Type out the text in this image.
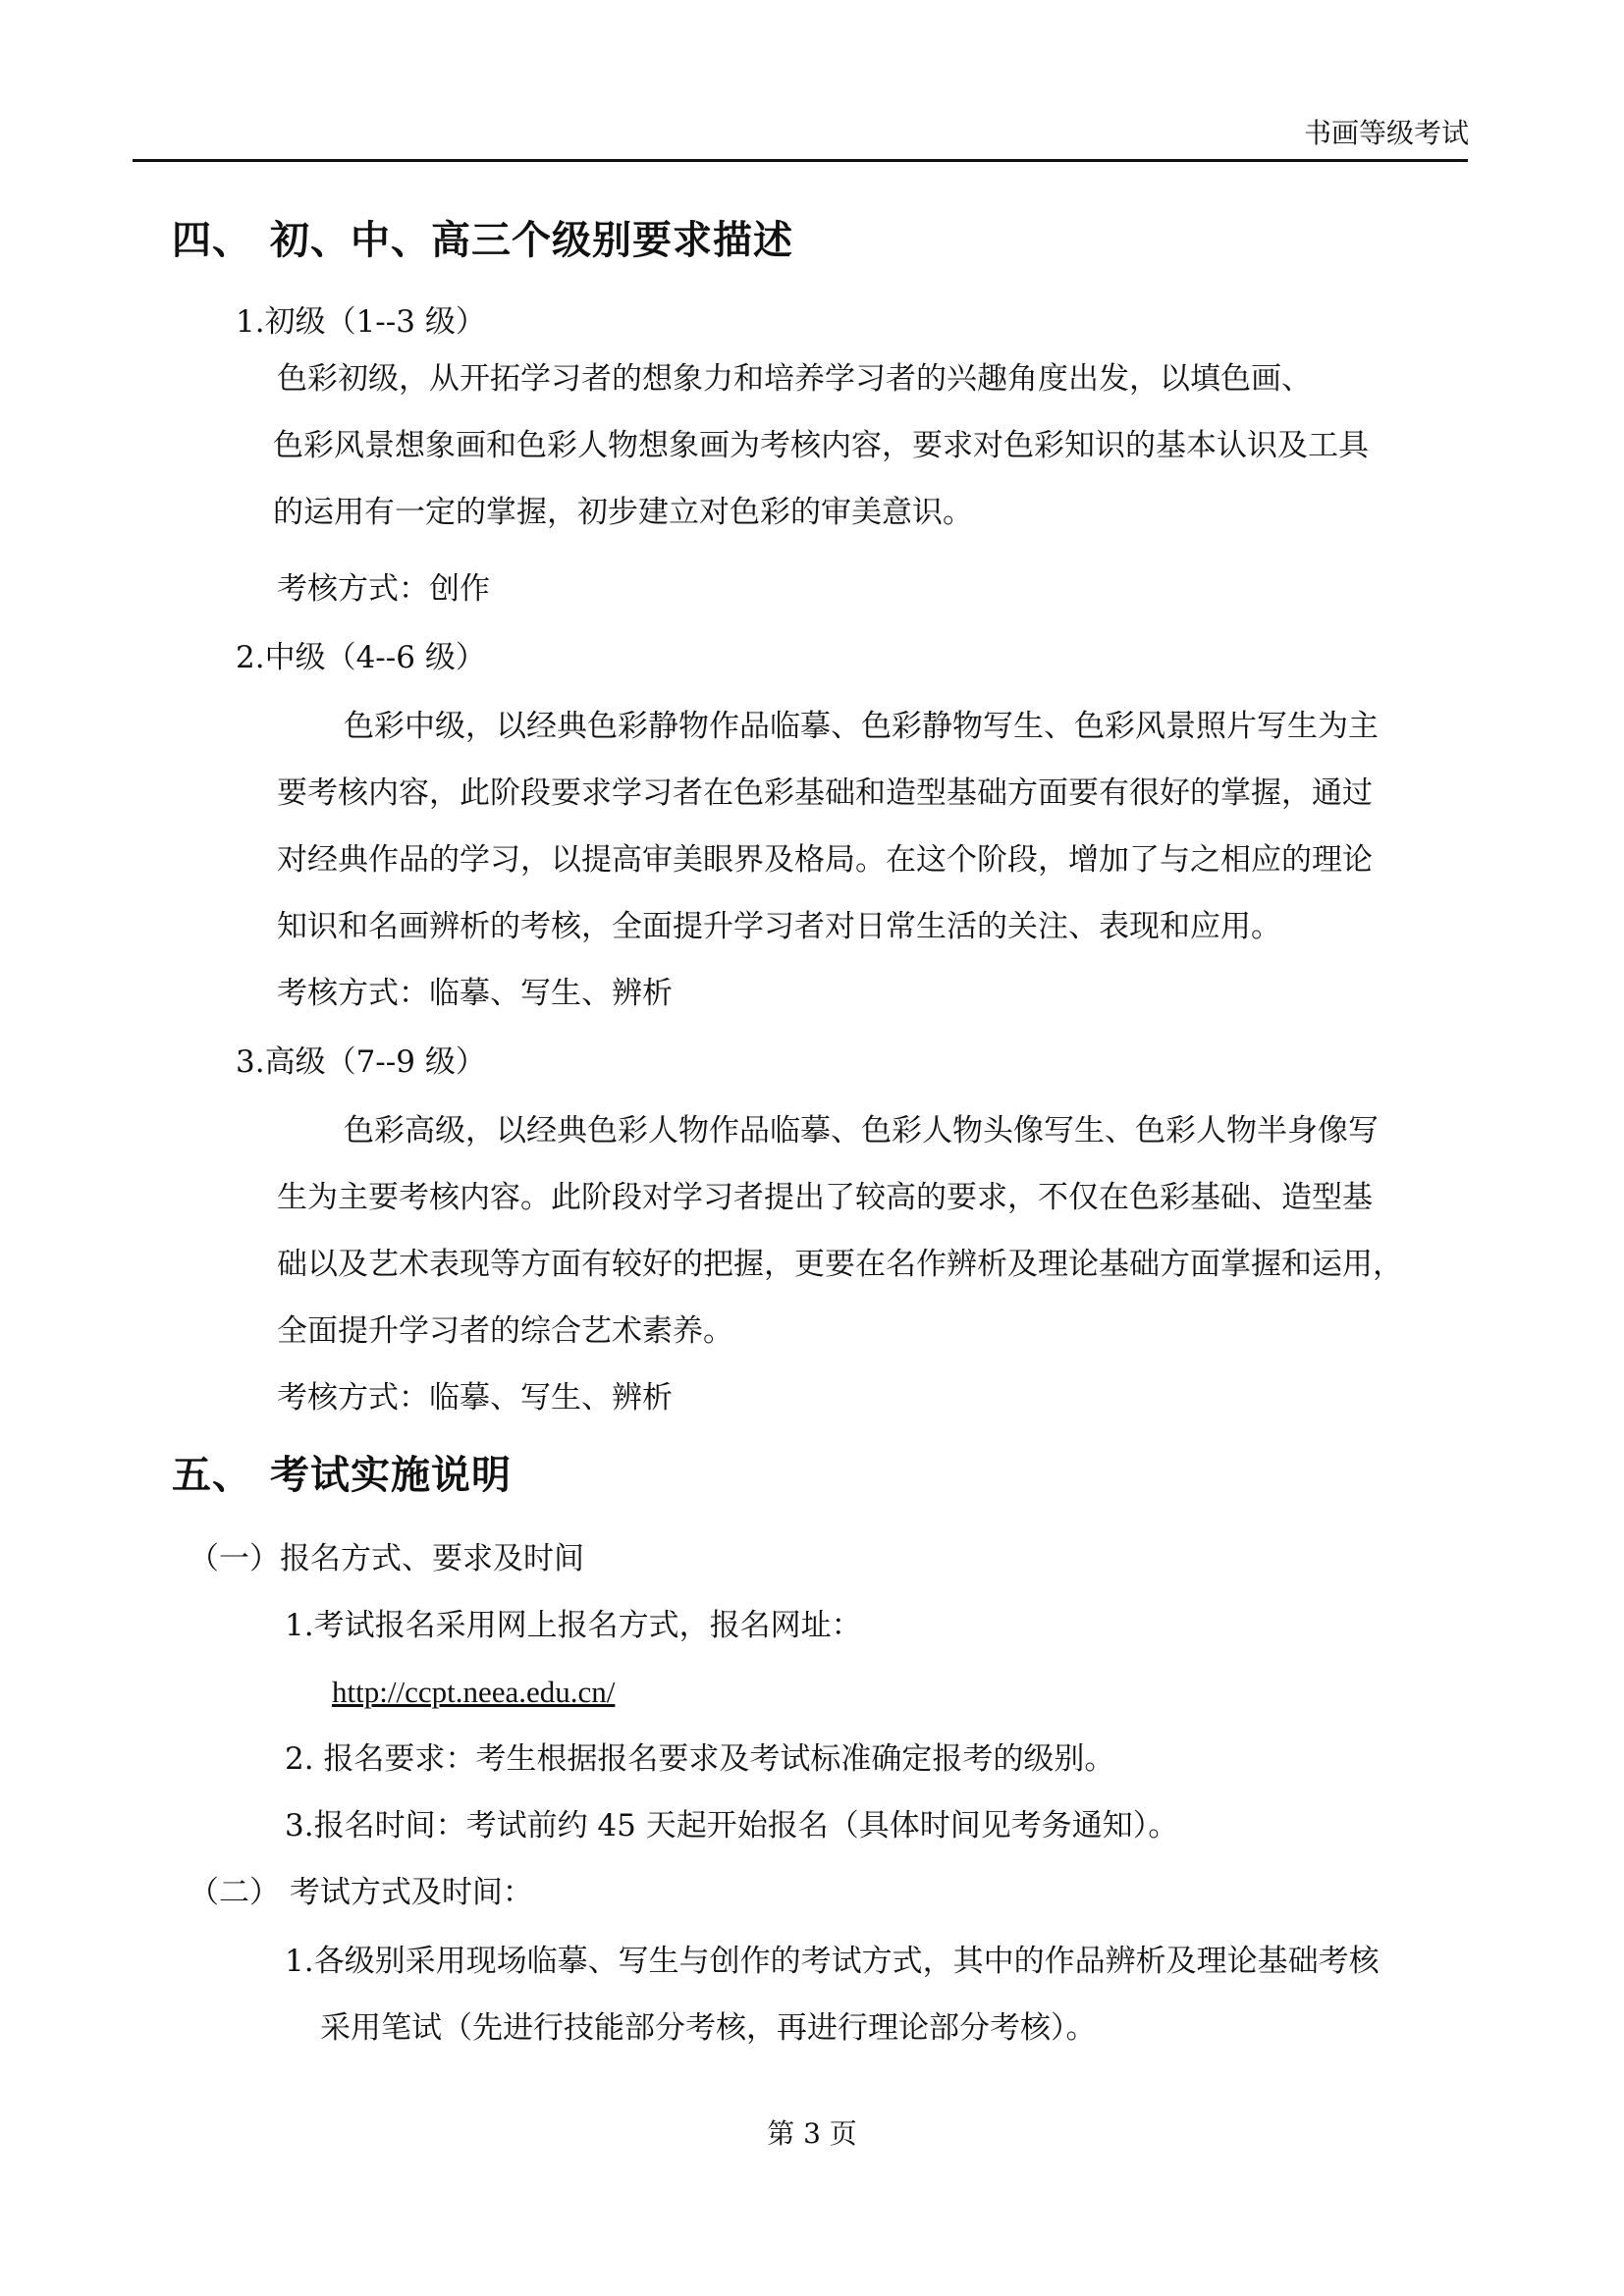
书画等级考试
四、 初、中、高三个级别要求描述
1.初级（1--3 级）
色彩初级，从开拓学习者的想象力和培养学习者的兴趣角度出发，以填色画、
色彩风景想象画和色彩人物想象画为考核内容，要求对色彩知识的基本认识及工具
的运用有一定的掌握，初步建立对色彩的审美意识。
考核方式：创作
2.中级（4--6 级）
色彩中级，以经典色彩静物作品临摹、色彩静物写生、色彩风景照片写生为主
要考核内容，此阶段要求学习者在色彩基础和造型基础方面要有很好的掌握，通过
对经典作品的学习，以提高审美眼界及格局。在这个阶段，增加了与之相应的理论
知识和名画辨析的考核，全面提升学习者对日常生活的关注、表现和应用。
考核方式：临摹、写生、辨析
3.高级（7--9 级）
色彩高级，以经典色彩人物作品临摹、色彩人物头像写生、色彩人物半身像写
生为主要考核内容。此阶段对学习者提出了较高的要求，不仅在色彩基础、造型基
础以及艺术表现等方面有较好的把握，更要在名作辨析及理论基础方面掌握和运用，
全面提升学习者的综合艺术素养。
考核方式：临摹、写生、辨析
五、 考试实施说明
（一）报名方式、要求及时间
1.考试报名采用网上报名方式，报名网址：
http://ccpt.neea.edu.cn/
2. 报名要求：考生根据报名要求及考试标准确定报考的级别。
3.报名时间：考试前约 45 天起开始报名（具体时间见考务通知）。
（二） 考试方式及时间：
1.各级别采用现场临摹、写生与创作的考试方式，其中的作品辨析及理论基础考核
采用笔试（先进行技能部分考核，再进行理论部分考核）。
第 3 页
